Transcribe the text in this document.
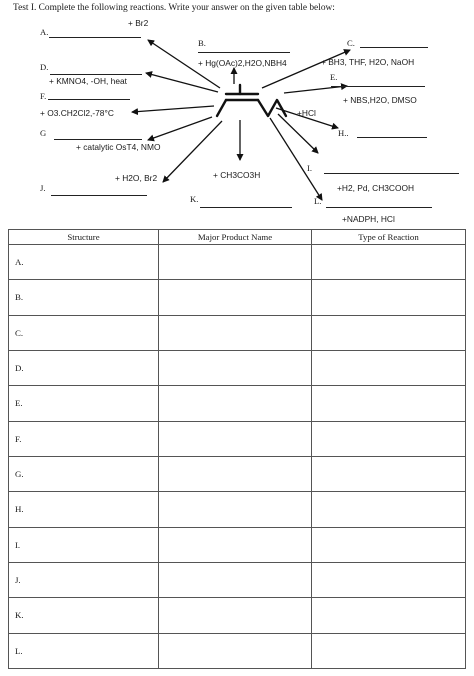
Test I. Complete the following reactions. Write your answer on the given table below:
A.
B.	C.
D.
E.
F.
G	H..
I.
J.
K.	L.
+ Br2
+ Hg(OAc)2,H2O,NBH4	+ BH3, THF, H2O, NaOH
+ KMNO4, -OH, heat
+ NBS,H2O, DMSO
+ O3.CH2Cl2,-78°C	+HCl
+ catalytic OsT4, NMO
+ H2O, Br2	+ CH3CO3H
+H2, Pd, CH3COOH
+NADPH, HCl
Structure	Major Product Name	Type of Reaction
A.		
B.		
C.		
D.		
E.		
F.		
G.		
H.		
I.		
J.		
K.		
L.		
